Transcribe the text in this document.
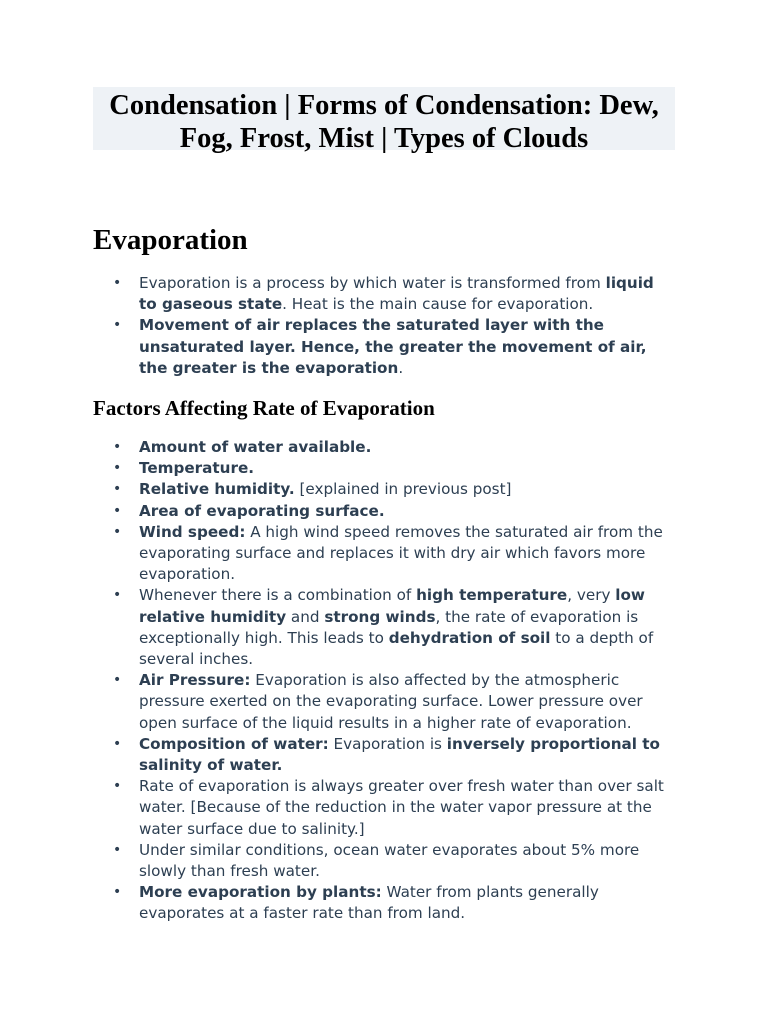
Condensation | Forms of Condensation: Dew, Fog, Frost, Mist | Types of Clouds
Evaporation
• Evaporation is a process by which water is transformed from liquid to gaseous state. Heat is the main cause for evaporation.
• Movement of air replaces the saturated layer with the unsaturated layer. Hence, the greater the movement of air, the greater is the evaporation.
Factors Affecting Rate of Evaporation
• Amount of water available.
• Temperature.
• Relative humidity. [explained in previous post]
• Area of evaporating surface.
• Wind speed: A high wind speed removes the saturated air from the evaporating surface and replaces it with dry air which favors more evaporation.
• Whenever there is a combination of high temperature, very low relative humidity and strong winds, the rate of evaporation is exceptionally high. This leads to dehydration of soil to a depth of several inches.
• Air Pressure: Evaporation is also affected by the atmospheric pressure exerted on the evaporating surface. Lower pressure over open surface of the liquid results in a higher rate of evaporation.
• Composition of water: Evaporation is inversely proportional to salinity of water.
• Rate of evaporation is always greater over fresh water than over salt water. [Because of the reduction in the water vapor pressure at the water surface due to salinity.]
• Under similar conditions, ocean water evaporates about 5% more slowly than fresh water.
• More evaporation by plants: Water from plants generally evaporates at a faster rate than from land.
